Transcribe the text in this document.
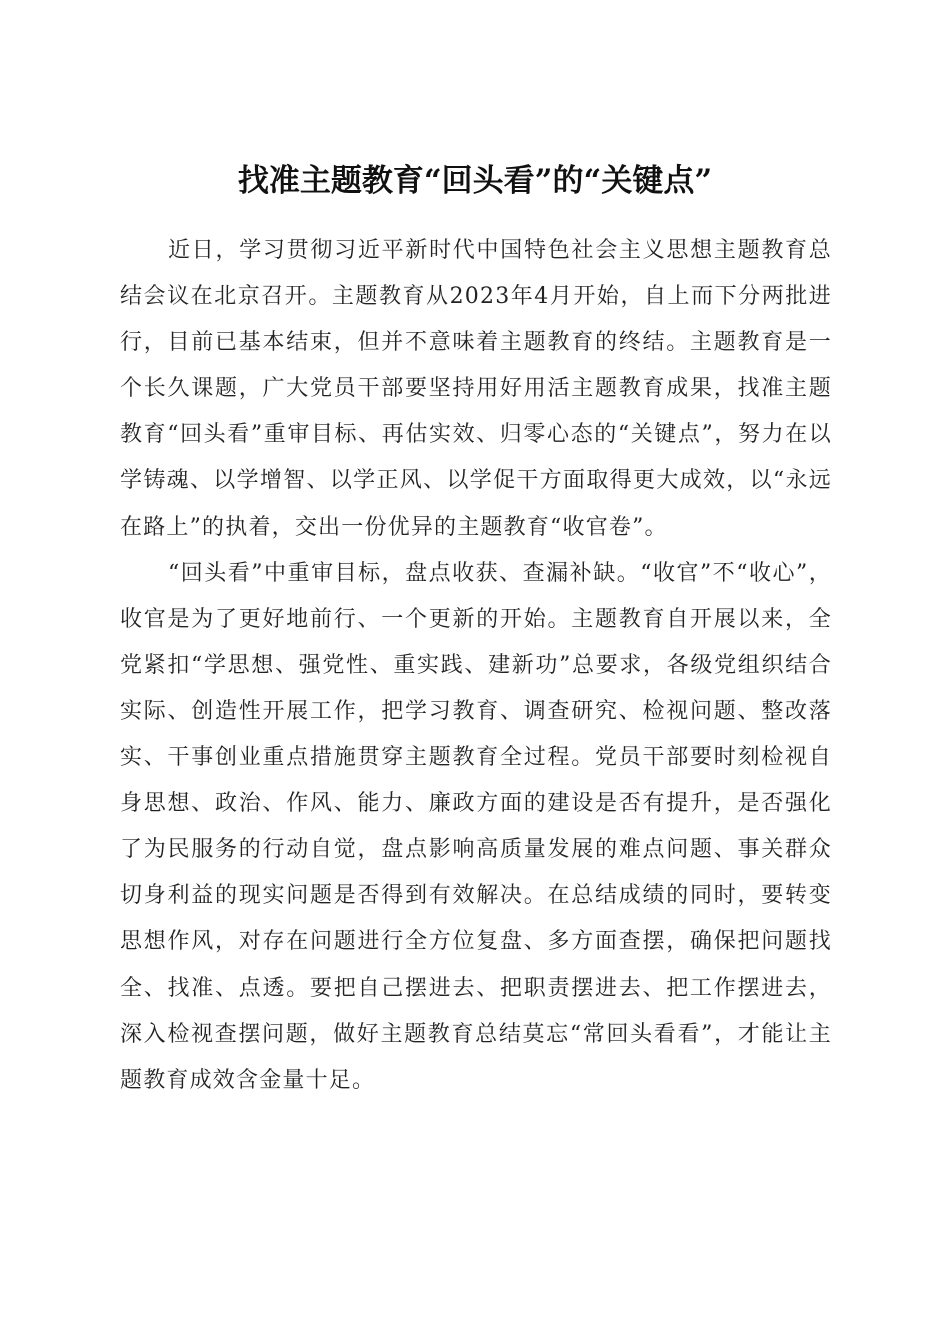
找准主题教育“回头看”的“关键点”

近日，学习贯彻习近平新时代中国特色社会主义思想主题教育总结会议在北京召开。主题教育从2023年4月开始，自上而下分两批进行，目前已基本结束，但并不意味着主题教育的终结。主题教育是一个长久课题，广大党员干部要坚持用好用活主题教育成果，找准主题教育“回头看”重审目标、再估实效、归零心态的“关键点”，努力在以学铸魂、以学增智、以学正风、以学促干方面取得更大成效，以“永远在路上”的执着，交出一份优异的主题教育“收官卷”。

“回头看”中重审目标，盘点收获、查漏补缺。“收官”不“收心”，收官是为了更好地前行、一个更新的开始。主题教育自开展以来，全党紧扣“学思想、强党性、重实践、建新功”总要求，各级党组织结合实际、创造性开展工作，把学习教育、调查研究、检视问题、整改落实、干事创业重点措施贯穿主题教育全过程。党员干部要时刻检视自身思想、政治、作风、能力、廉政方面的建设是否有提升，是否强化了为民服务的行动自觉，盘点影响高质量发展的难点问题、事关群众切身利益的现实问题是否得到有效解决。在总结成绩的同时，要转变思想作风，对存在问题进行全方位复盘、多方面查摆，确保把问题找全、找准、点透。要把自己摆进去、把职责摆进去、把工作摆进去，深入检视查摆问题，做好主题教育总结莫忘“常回头看看”，才能让主题教育成效含金量十足。
